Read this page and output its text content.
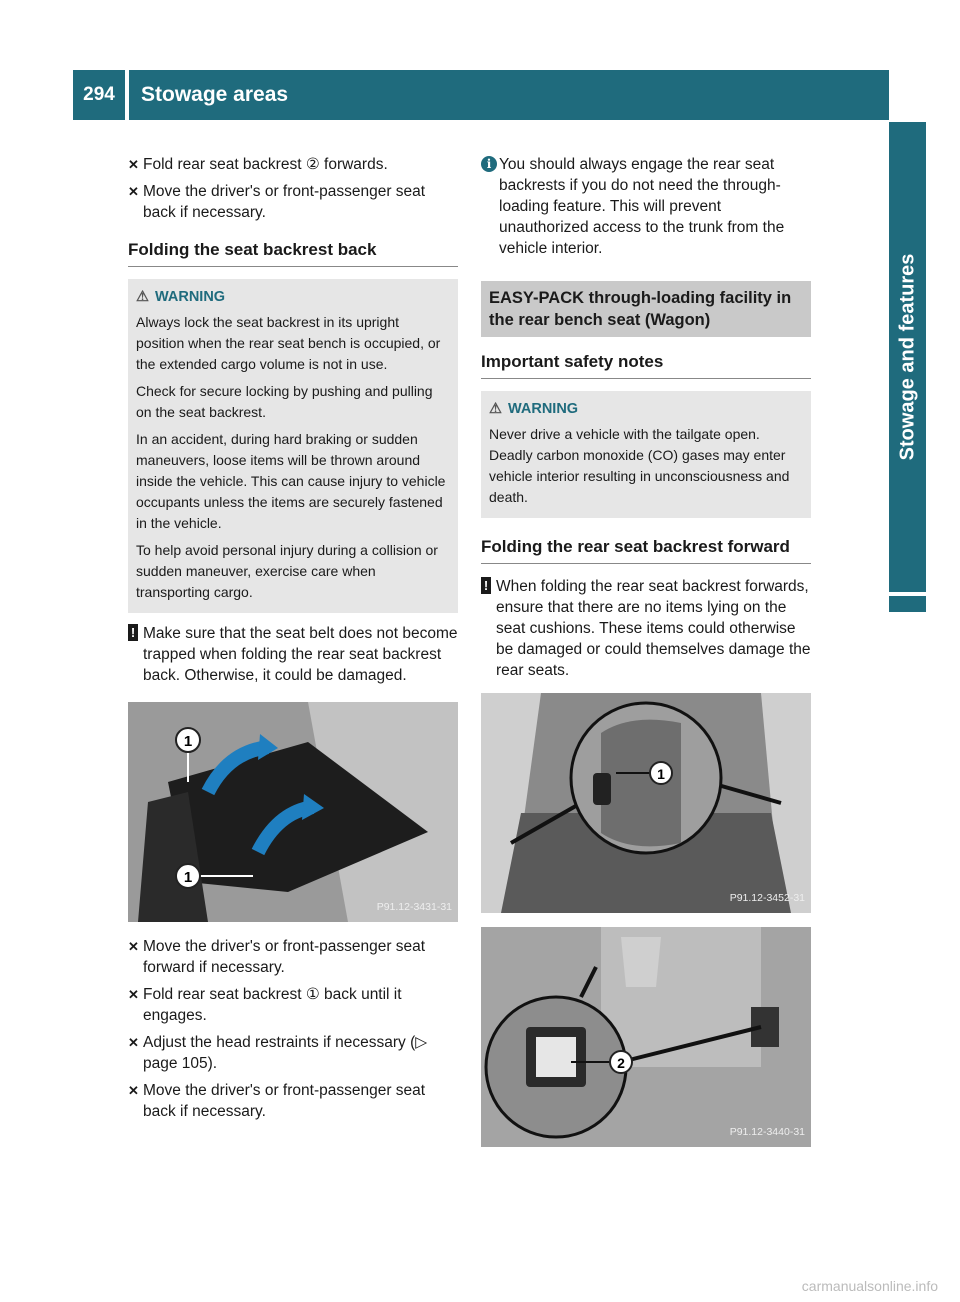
294	Stowage areas
Stowage and features
✕ Fold rear seat backrest ② forwards.
✕ Move the driver's or front-passenger seat back if necessary.
Folding the seat backrest back
⚠ WARNING

Always lock the seat backrest in its upright position when the rear seat bench is occupied, or the extended cargo volume is not in use.

Check for secure locking by pushing and pulling on the seat backrest.

In an accident, during hard braking or sudden maneuvers, loose items will be thrown around inside the vehicle. This can cause injury to vehicle occupants unless the items are securely fastened in the vehicle.

To help avoid personal injury during a collision or sudden maneuver, exercise care when transporting cargo.

! Make sure that the seat belt does not become trapped when folding the rear seat backrest back. Otherwise, it could be damaged.
1
1
P91.12-3431-31
✕ Move the driver's or front-passenger seat forward if necessary.
✕ Fold rear seat backrest ① back until it engages.
✕ Adjust the head restraints if necessary (▷ page 105).
✕ Move the driver's or front-passenger seat back if necessary.
i You should always engage the rear seat backrests if you do not need the through-loading feature. This will prevent unauthorized access to the trunk from the vehicle interior.
EASY-PACK through-loading facility in the rear bench seat (Wagon)
Important safety notes
⚠ WARNING

Never drive a vehicle with the tailgate open. Deadly carbon monoxide (CO) gases may enter vehicle interior resulting in unconsciousness and death.

Folding the rear seat backrest forward
! When folding the rear seat backrest forwards, ensure that there are no items lying on the seat cushions. These items could otherwise be damaged or could themselves damage the rear seats.
1
P91.12-3452-31
2
P91.12-3440-31
carmanualsonline.info
